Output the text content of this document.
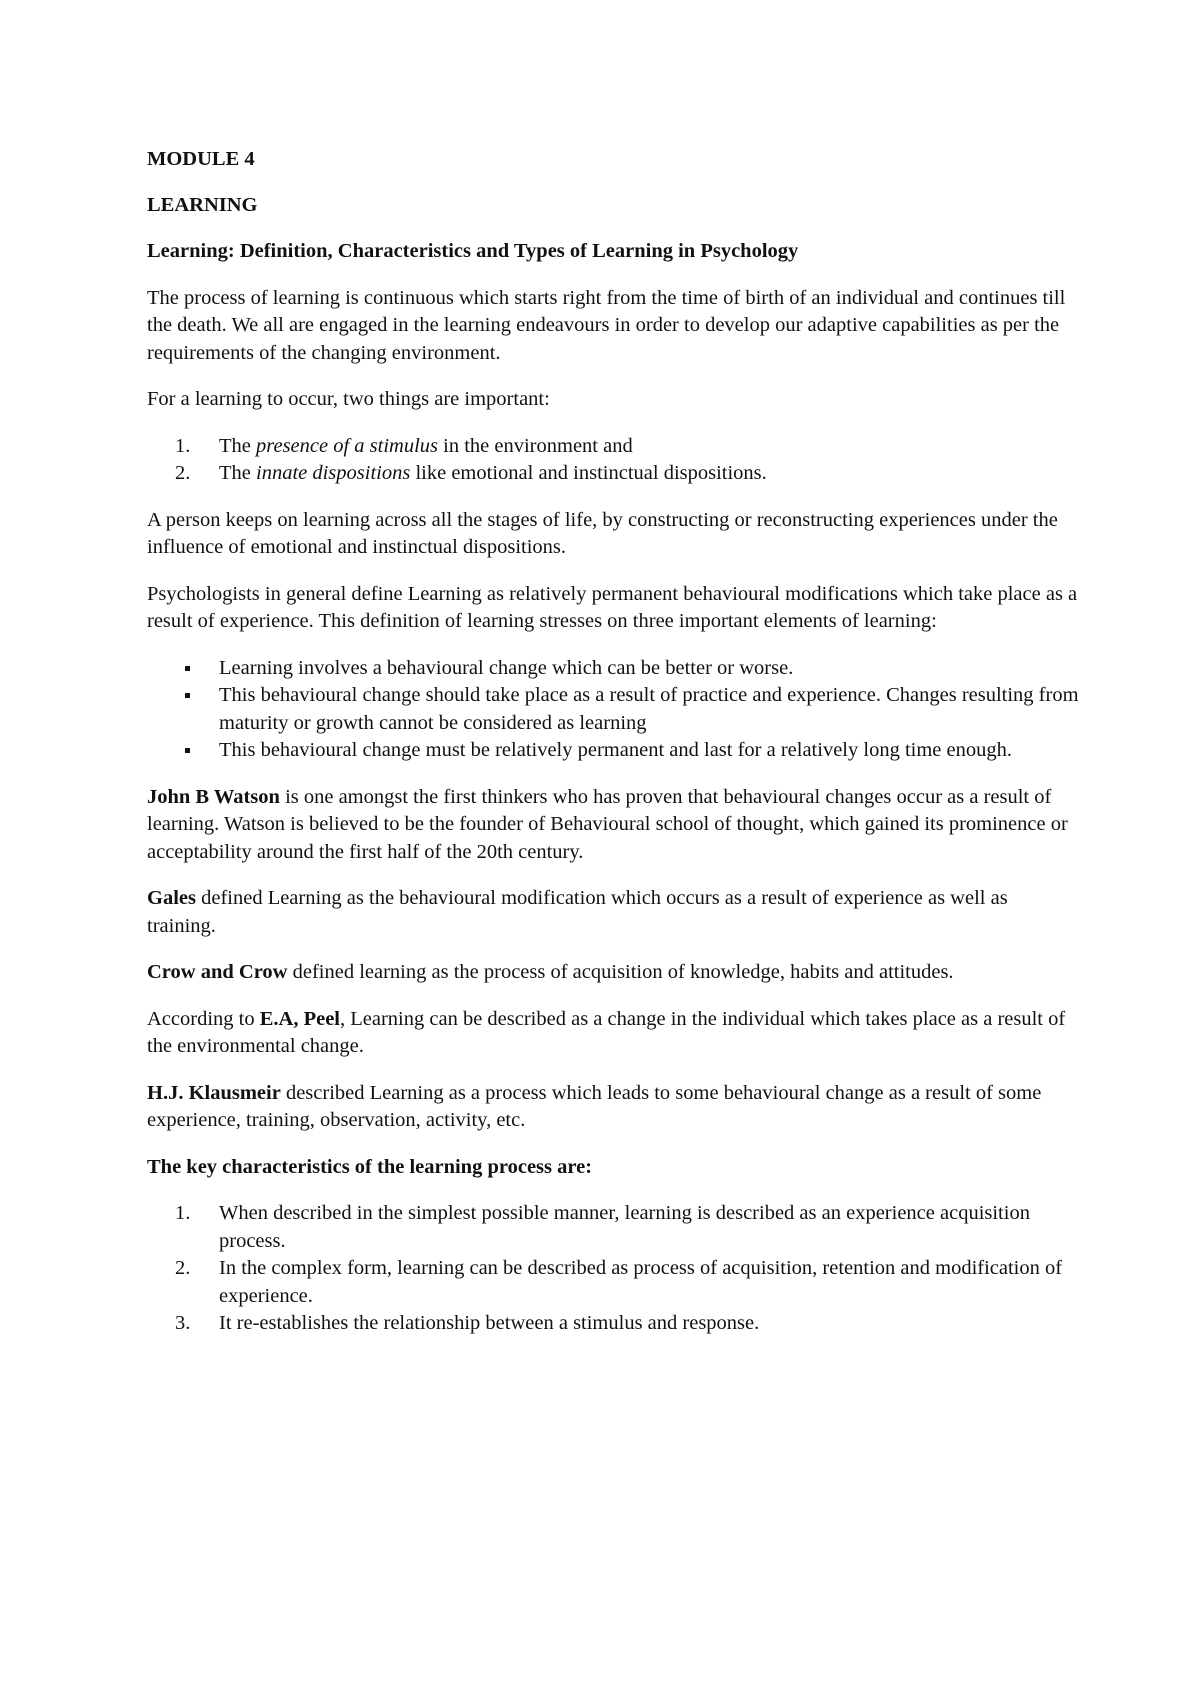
MODULE 4

LEARNING

Learning: Definition, Characteristics and Types of Learning in Psychology

The process of learning is continuous which starts right from the time of birth of an individual and continues till the death. We all are engaged in the learning endeavours in order to develop our adaptive capabilities as per the requirements of the changing environment.

For a learning to occur, two things are important:

1. The presence of a stimulus in the environment and
2. The innate dispositions like emotional and instinctual dispositions.

A person keeps on learning across all the stages of life, by constructing or reconstructing experiences under the influence of emotional and instinctual dispositions.

Psychologists in general define Learning as relatively permanent behavioural modifications which take place as a result of experience. This definition of learning stresses on three important elements of learning:

Learning involves a behavioural change which can be better or worse.
This behavioural change should take place as a result of practice and experience. Changes resulting from maturity or growth cannot be considered as learning
This behavioural change must be relatively permanent and last for a relatively long time enough.

John B Watson is one amongst the first thinkers who has proven that behavioural changes occur as a result of learning. Watson is believed to be the founder of Behavioural school of thought, which gained its prominence or acceptability around the first half of the 20th century.

Gales defined Learning as the behavioural modification which occurs as a result of experience as well as training.

Crow and Crow defined learning as the process of acquisition of knowledge, habits and attitudes.

According to E.A, Peel, Learning can be described as a change in the individual which takes place as a result of the environmental change.

H.J. Klausmeir described Learning as a process which leads to some behavioural change as a result of some experience, training, observation, activity, etc.

The key characteristics of the learning process are:

1. When described in the simplest possible manner, learning is described as an experience acquisition process.
2. In the complex form, learning can be described as process of acquisition, retention and modification of experience.
3. It re-establishes the relationship between a stimulus and response.
